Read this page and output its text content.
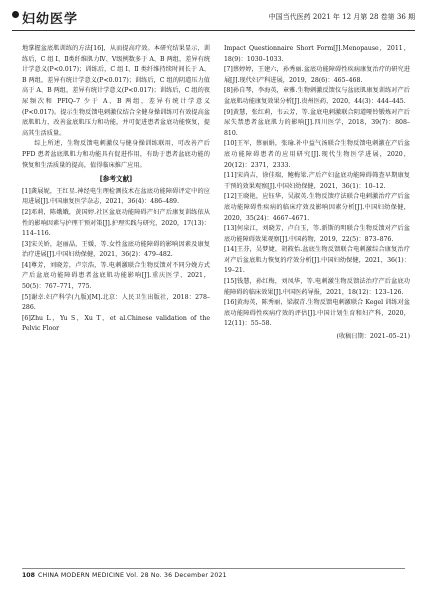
妇幼医学	中国当代医药 2021 年 12 月第 28 卷第 36 期

地掌握盆底肌训练的方法[16]，从而提高疗效。本研究结果显示，训练后，C 组 Ⅰ、Ⅱ类纤维肌力Ⅳ、Ⅴ级例数多于 A、B 两组，差异有统计学意义(P<0.017)；训练后，C 组 Ⅰ、Ⅱ 类纤维持续时间长于 A、B 两组，差异有统计学意义(P<0.017)；训练后，C 组的阴道压力值高于 A、B 两组，差异有统计学意义(P<0.017)；训练后，C 组的夜尿频次和 PFIQ–7 少于 A、B 两组，差异有统计学意义(P<0.017)。提示生物反馈电刺激仪结合全健身操训练可有效提高盆底肌肌力，改善盆底肌压力和功能，并可促进患者盆底功能恢复，提高其生活质量。

综上所述，生物反馈电刺激仪与健身操训练联用，可改善产后 PFD 患者盆底肌肌力和功能具有促进作用，有助于患者盆底功能的恢复和生活质量的提高，值得临床推广应用。

[参考文献]

[1]龚展妮，王红星.神经电生理检测技术在盆底功能障碍评定中的应用进展[J].中国康复医学杂志，2021，36(4)：486–489.

[2]邓莉，陈娥娥，黄国婷.社区盆底功能障碍产妇产后康复训练依从性的影响因素与护理干预对策[J].护理实践与研究，2020，17(13)：114–116.

[3]宋关娇，赵丽晶，王媛，等.女性盆底功能障碍的影响因素及康复治疗进展[J].中国妇幼保健，2021，36(2)：479–482.

[4]尊芳，刘晓芳，卢宗浩，等.电刺激联合生物反馈对不同分娩方式产后盆底功能障碍患者盆底肌功能影响[J].重庆医学，2021，50(5)：767–771，775.

[5]谢幸.妇产科学(九版)[M].北京：人民卫生出版社，2018：278–286.

[6]Zhu L，Yu S，Xu T，et al.Chinese validation of the Pelvic Floor

Impact Questionnaire Short Form[J].Menopause，2011，18(9)：1030–1033.

[7]蔡婷婷，王建六，孙秀丽.盆底功能障碍性疾病康复治疗的研究进展[J].现代妇产科进展，2019，28(6)：465–468.

[8]孙自琴，李海英，章雅.生物刺激反馈仪与盆底肌康复训练对产后盆底肌功能康复效果分析[J].贵州医药，2020，44(3)：444–445.

[9]黄慧，张红莉，韦云芳，等.盆底电刺激联合阴道哑铃锻炼对产后尿失禁患者盆底肌力的影响[J].四川医学，2018，39(7)：808–810.

[10]王军，蔡丽娟，张瑜.补中益气汤联合生物反馈电刺激在产后盆底功能障碍患者的应用研究[J].现代生物医学进展，2020，20(12)：2371，2333.

[11]宋尚吉，徐佳瑞，鲍梅梁.产后产妇盆底功能障碍筛查早期康复干预的效果观察[J].中国妇幼保健，2021，36(1)：10–12.

[12]王晓艳，应钰华，吴淑英.生物反馈疗法联合电刺激治疗产后盆底功能障碍性疾病的临床疗效及影响因素分析[J].中国妇幼保健，2020，35(24)：4667–4671.

[13]何泉江，刘晓芳，卢白玉，等.新斯的明联合生物反馈对产后盆底功能障碍效果观察[J].中国药物，2019，22(5)：873–876.

[14]王芬，吴梦婕，胡筱怡.盆底生物反馈联合电刺激综合康复治疗对产后盆底肌力恢复的疗效分析[J].中国妇幼保健，2021，36(1)：19–21.

[15]钱慧，孙红梅，刘凤华，等.电刺激生物反馈法治疗产后盆底功能障碍的临床效果[J].中国医药导报，2021，18(12)：123–126.

[16]黄海英，陈秀丽，梁淑青.生物反馈电刺激联合 Kegel 训练对盆底功能障碍性疾病疗效的评估[J].中国计划生育和妇产科，2020，12(11)：55–58.

(收稿日期：2021–05–21)
108 CHINA MODERN MEDICINE Vol. 28 No. 36 December 2021
